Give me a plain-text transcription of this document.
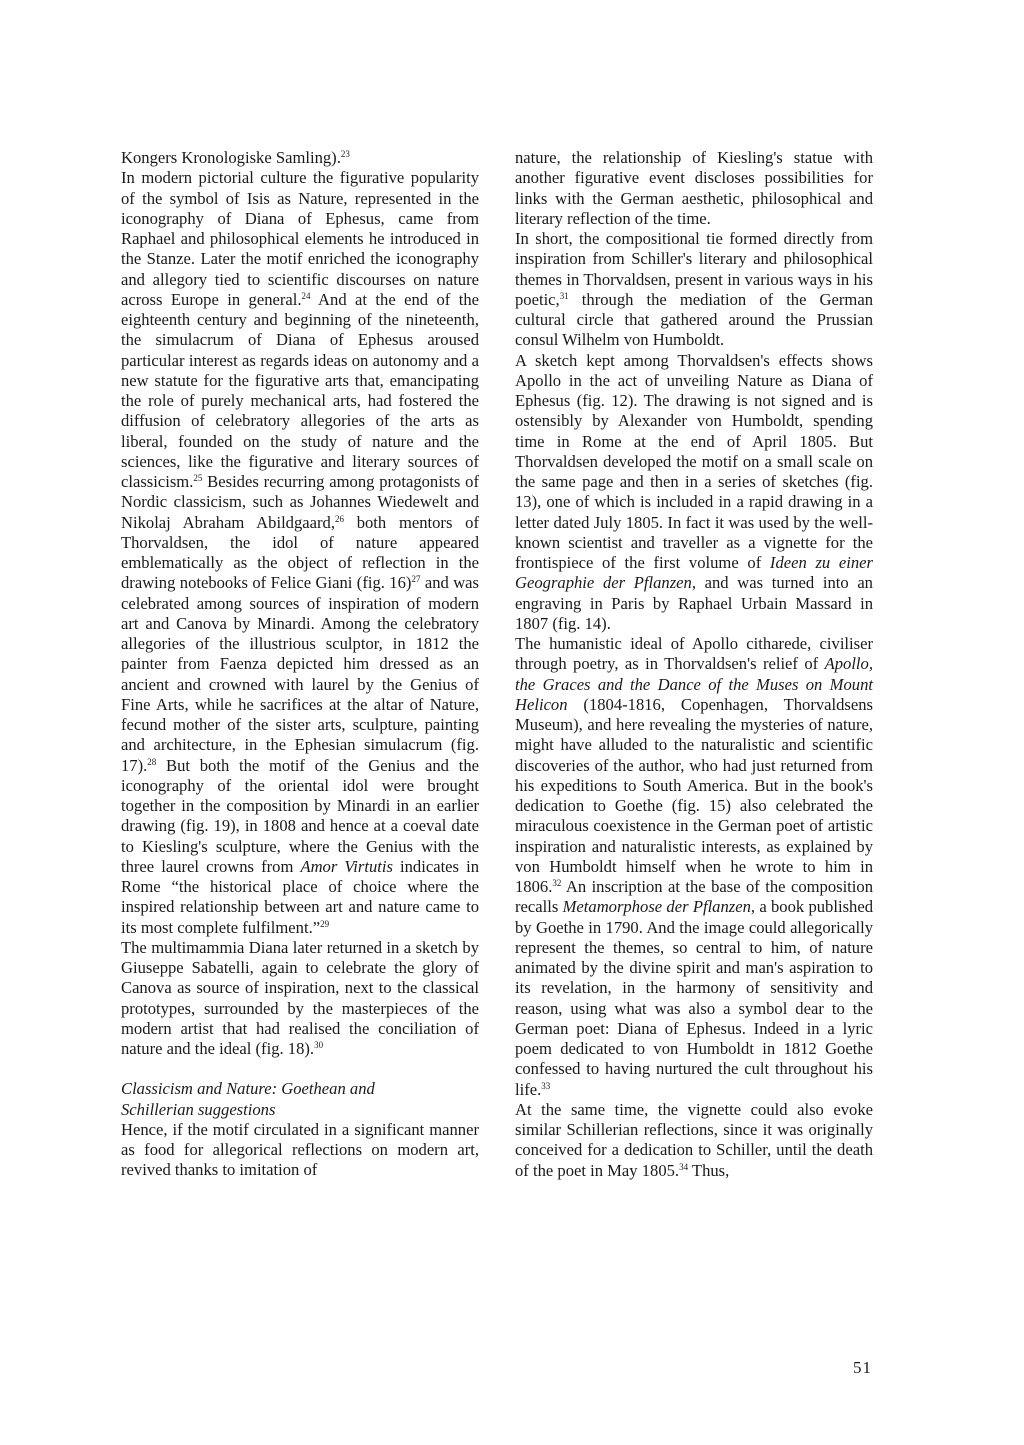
Kongers Kronologiske Samling).$^{23}$

In modern pictorial culture the figurative popularity of the symbol of Isis as Nature, represented in the iconography of Diana of Ephesus, came from Raphael and philosophical elements he introduced in the Stanze. Later the motif enriched the iconography and allegory tied to scientific discourses on nature across Europe in general.$^{24}$ And at the end of the eighteenth century and beginning of the nineteenth, the simulacrum of Diana of Ephesus aroused particular interest as regards ideas on autonomy and a new statute for the figurative arts that, emancipating the role of purely mechanical arts, had fostered the diffusion of celebratory allegories of the arts as liberal, founded on the study of nature and the sciences, like the figurative and literary sources of classicism.$^{25}$ Besides recurring among protagonists of Nordic classicism, such as Johannes Wiedewelt and Nikolaj Abraham Abildgaard,$^{26}$ both mentors of Thorvaldsen, the idol of nature appeared emblematically as the object of reflection in the drawing notebooks of Felice Giani (fig. 16)$^{27}$ and was celebrated among sources of inspiration of modern art and Canova by Minardi. Among the celebratory allegories of the illustrious sculptor, in 1812 the painter from Faenza depicted him dressed as an ancient and crowned with laurel by the Genius of Fine Arts, while he sacrifices at the altar of Nature, fecund mother of the sister arts, sculpture, painting and architecture, in the Ephesian simulacrum (fig. 17).$^{28}$ But both the motif of the Genius and the iconography of the oriental idol were brought together in the composition by Minardi in an earlier drawing (fig. 19), in 1808 and hence at a coeval date to Kiesling's sculpture, where the Genius with the three laurel crowns from Amor Virtutis indicates in Rome “the historical place of choice where the inspired relationship between art and nature came to its most complete fulfilment.”$^{29}$

The multimammia Diana later returned in a sketch by Giuseppe Sabatelli, again to celebrate the glory of Canova as source of inspiration, next to the classical prototypes, surrounded by the masterpieces of the modern artist that had realised the conciliation of nature and the ideal (fig. 18).$^{30}$

Classicism and Nature: Goethean and
Schillerian suggestions

Hence, if the motif circulated in a significant manner as food for allegorical reflections on modern art, revived thanks to imitation of

nature, the relationship of Kiesling's statue with another figurative event discloses possibilities for links with the German aesthetic, philosophical and literary reflection of the time.

In short, the compositional tie formed directly from inspiration from Schiller's literary and philosophical themes in Thorvaldsen, present in various ways in his poetic,$^{31}$ through the mediation of the German cultural circle that gathered around the Prussian consul Wilhelm von Humboldt.

A sketch kept among Thorvaldsen's effects shows Apollo in the act of unveiling Nature as Diana of Ephesus (fig. 12). The drawing is not signed and is ostensibly by Alexander von Humboldt, spending time in Rome at the end of April 1805. But Thorvaldsen developed the motif on a small scale on the same page and then in a series of sketches (fig. 13), one of which is included in a rapid drawing in a letter dated July 1805. In fact it was used by the well-known scientist and traveller as a vignette for the frontispiece of the first volume of Ideen zu einer Geographie der Pflanzen, and was turned into an engraving in Paris by Raphael Urbain Massard in 1807 (fig. 14).

The humanistic ideal of Apollo citharede, civiliser through poetry, as in Thorvaldsen's relief of Apollo, the Graces and the Dance of the Muses on Mount Helicon (1804-1816, Copenhagen, Thorvaldsens Museum), and here revealing the mysteries of nature, might have alluded to the naturalistic and scientific discoveries of the author, who had just returned from his expeditions to South America. But in the book's dedication to Goethe (fig. 15) also celebrated the miraculous coexistence in the German poet of artistic inspiration and naturalistic interests, as explained by von Humboldt himself when he wrote to him in 1806.32 An inscription at the base of the composition recalls Metamorphose der Pflanzen, a book published by Goethe in 1790. And the image could allegorically represent the themes, so central to him, of nature animated by the divine spirit and man's aspiration to its revelation, in the harmony of sensitivity and reason, using what was also a symbol dear to the German poet: Diana of Ephesus. Indeed in a lyric poem dedicated to von Humboldt in 1812 Goethe confessed to having nurtured the cult throughout his life.$^{33}$

At the same time, the vignette could also evoke similar Schillerian reflections, since it was originally conceived for a dedication to Schiller, until the death of the poet in May 1805.34 Thus,

51
